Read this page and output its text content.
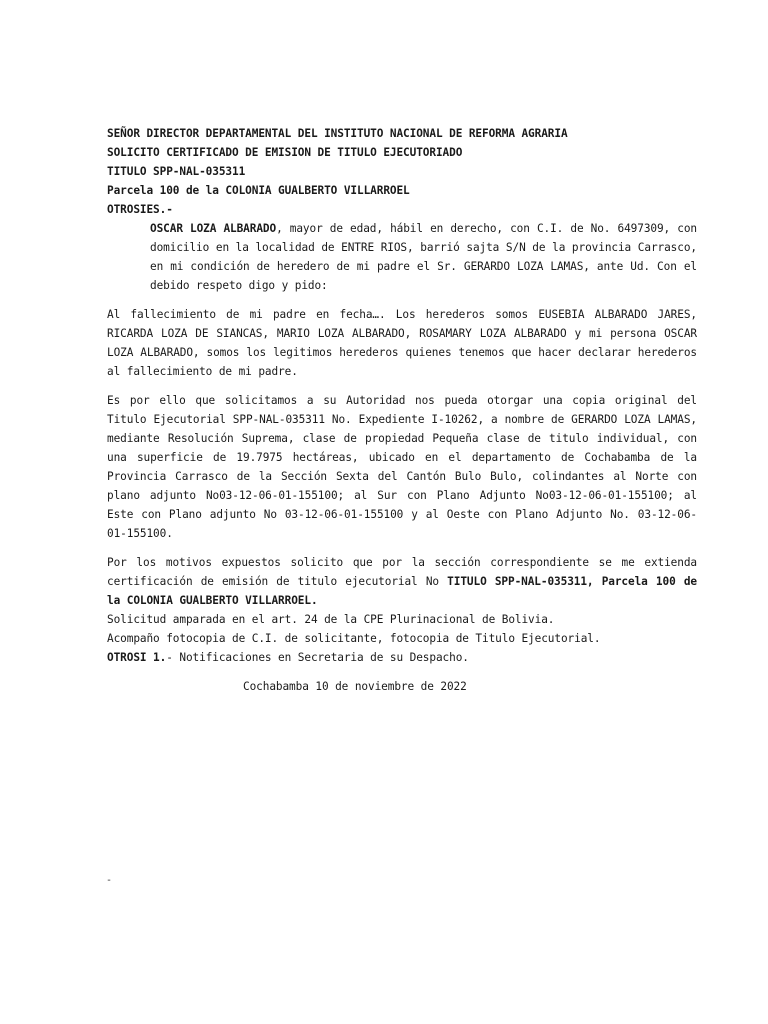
SEÑOR DIRECTOR DEPARTAMENTAL DEL INSTITUTO NACIONAL DE REFORMA AGRARIA

SOLICITO CERTIFICADO DE EMISION DE TITULO EJECUTORIADO

TITULO SPP-NAL-035311

Parcela 100 de la COLONIA GUALBERTO VILLARROEL

OTROSIES.-

OSCAR LOZA ALBARADO, mayor de edad, hábil en derecho, con C.I. de No. 6497309, con domicilio en la localidad de ENTRE RIOS, barrió sajta S/N de la provincia Carrasco, en mi condición de heredero de mi padre el Sr. GERARDO LOZA LAMAS, ante Ud. Con el debido respeto digo y pido:

Al fallecimiento de mi padre en fecha…. Los herederos somos EUSEBIA ALBARADO JARES, RICARDA LOZA DE SIANCAS, MARIO LOZA ALBARADO, ROSAMARY LOZA ALBARADO y mi persona OSCAR LOZA ALBARADO, somos los legitimos herederos quienes tenemos que hacer declarar herederos al fallecimiento de mi padre.

Es por ello que solicitamos a su Autoridad nos pueda otorgar una copia original del Titulo Ejecutorial SPP-NAL-035311 No. Expediente I-10262, a nombre de GERARDO LOZA LAMAS, mediante Resolución Suprema, clase de propiedad Pequeña clase de titulo individual, con una superficie de 19.7975 hectáreas, ubicado en el departamento de Cochabamba de la Provincia Carrasco de la Sección Sexta del Cantón Bulo Bulo, colindantes al Norte con plano adjunto No03-12-06-01-155100; al Sur con Plano Adjunto No03-12-06-01-155100; al Este con Plano adjunto No 03-12-06-01-155100 y al Oeste con Plano Adjunto No. 03-12-06-01-155100.

Por los motivos expuestos solicito que por la sección correspondiente se me extienda certificación de emisión de titulo ejecutorial No TITULO SPP-NAL-035311, Parcela 100 de la COLONIA GUALBERTO VILLARROEL.

Solicitud amparada en el art. 24 de la CPE Plurinacional de Bolivia.

Acompaño fotocopia de C.I. de solicitante, fotocopia de Titulo Ejecutorial.

OTROSI 1.- Notificaciones en Secretaria de su Despacho.

Cochabamba 10 de noviembre de 2022

-
